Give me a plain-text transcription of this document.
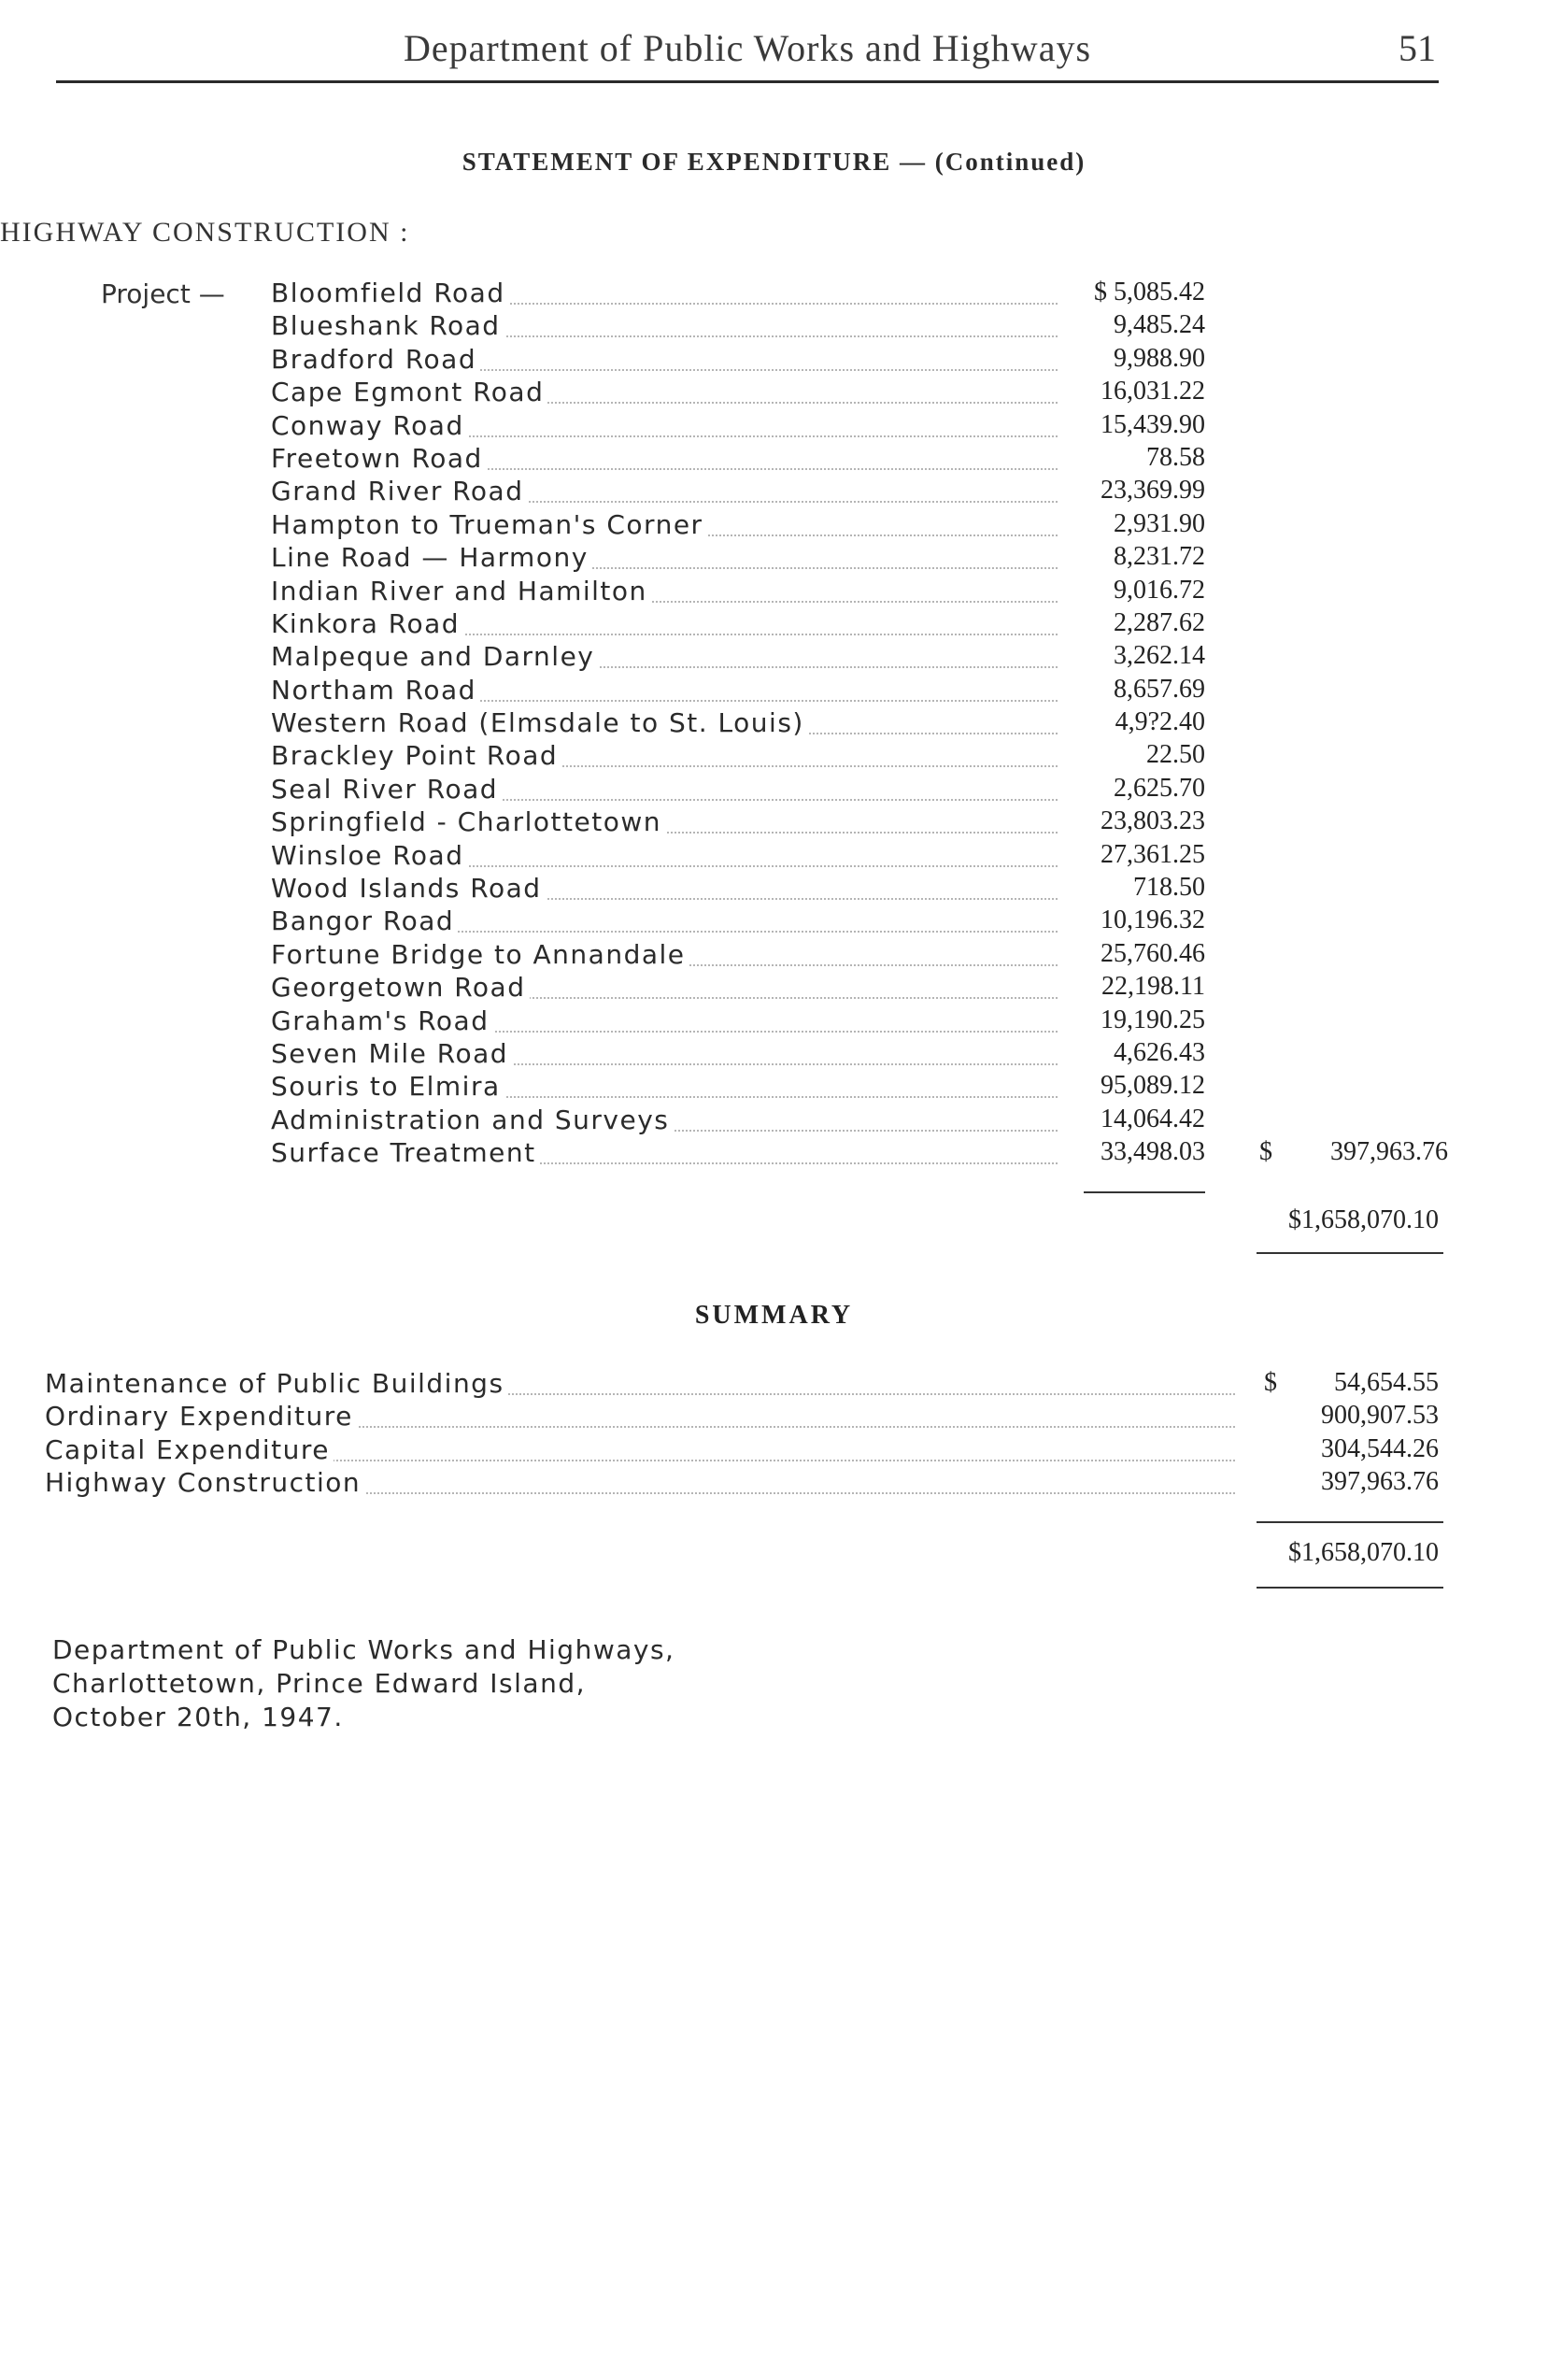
Department of Public Works and Highways	51
STATEMENT OF EXPENDITURE — (Continued)
HIGHWAY CONSTRUCTION :
Project — Bloomfield Road	$ 5,085.42
Blueshank Road	9,485.24
Bradford Road	9,988.90
Cape Egmont Road	16,031.22
Conway Road	15,439.90
Freetown Road	78.58
Grand River Road	23,369.99
Hampton to Trueman's Corner	2,931.90
Line Road — Harmony	8,231.72
Indian River and Hamilton	9,016.72
Kinkora Road	2,287.62
Malpeque and Darnley	3,262.14
Northam Road	8,657.69
Western Road (Elmsdale to St. Louis)	4,9?2.40
Brackley Point Road	22.50
Seal River Road	2,625.70
Springfield - Charlottetown	23,803.23
Winsloe Road	27,361.25
Wood Islands Road	718.50
Bangor Road	10,196.32
Fortune Bridge to Annandale	25,760.46
Georgetown Road	22,198.11
Graham's Road	19,190.25
Seven Mile Road	4,626.43
Souris to Elmira	95,089.12
Administration and Surveys	14,064.42
Surface Treatment	33,498.03 $ 397,963.76
$1,658,070.10
SUMMARY
Maintenance of Public Buildings	$ 54,654.55
Ordinary Expenditure	900,907.53
Capital Expenditure	304,544.26
Highway Construction	397,963.76
$1,658,070.10
Department of Public Works and Highways,
Charlottetown, Prince Edward Island,
October 20th, 1947.
